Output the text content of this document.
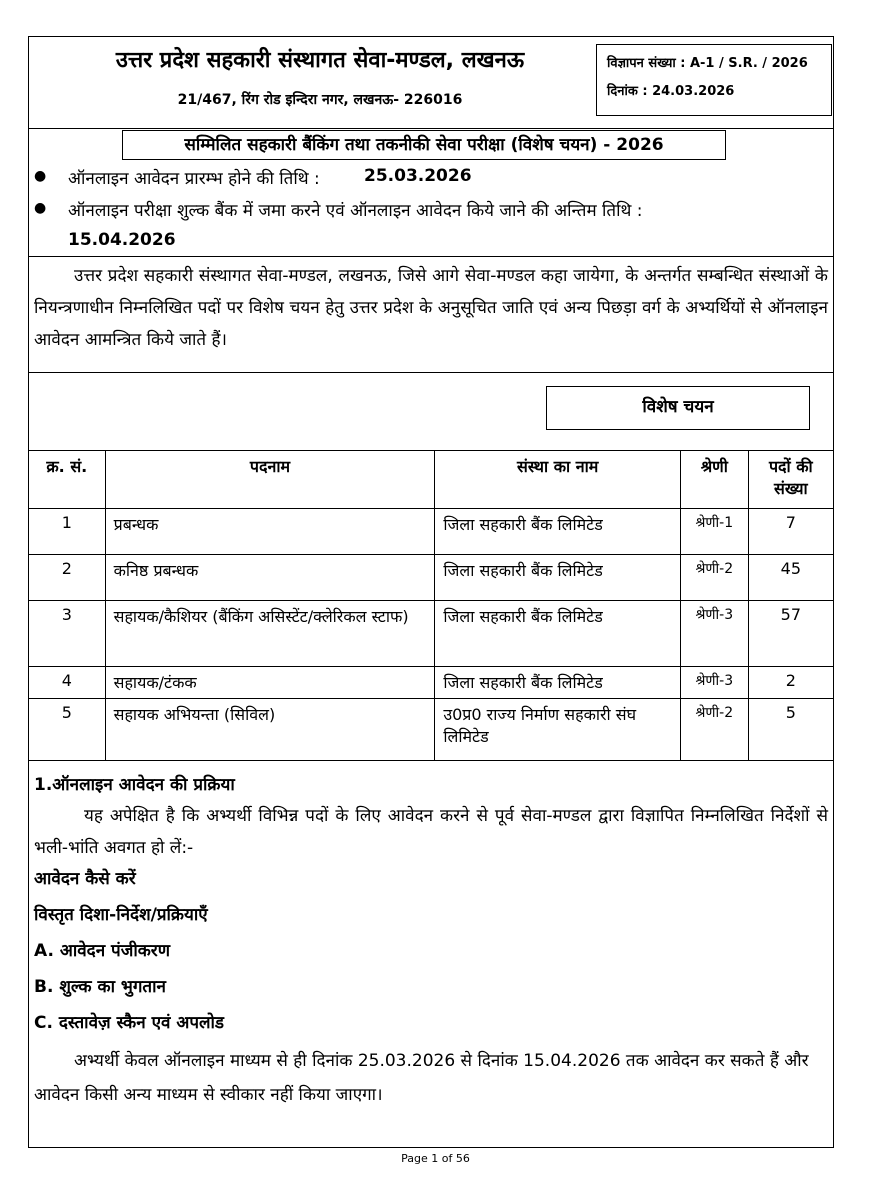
उत्तर प्रदेश सहकारी संस्थागत सेवा-मण्डल, लखनऊ
21/467, रिंग रोड इन्दिरा नगर, लखनऊ- 226016
विज्ञापन संख्या : A-1 / S.R. / 2026
दिनांक : 24.03.2026
सम्मिलित सहकारी बैंकिंग तथा तकनीकी सेवा परीक्षा (विशेष चयन) - 2026
● ऑनलाइन आवेदन प्रारम्भ होने की तिथि :	25.03.2026
● ऑनलाइन परीक्षा शुल्क बैंक में जमा करने एवं ऑनलाइन आवेदन किये जाने की अन्तिम तिथि :
15.04.2026
उत्तर प्रदेश सहकारी संस्थागत सेवा-मण्डल, लखनऊ, जिसे आगे सेवा-मण्डल कहा जायेगा, के अन्तर्गत सम्बन्धित संस्थाओं के नियन्त्रणाधीन निम्नलिखित पदों पर विशेष चयन हेतु उत्तर प्रदेश के अनुसूचित जाति एवं अन्य पिछड़ा वर्ग के अभ्यर्थियों से ऑनलाइन आवेदन आमन्त्रित किये जाते हैं।
विशेष चयन
क्र. सं.	पदनाम	संस्था का नाम	श्रेणी	पदों की संख्या
1	प्रबन्धक	जिला सहकारी बैंक लिमिटेड	श्रेणी-1	7
2	कनिष्ठ प्रबन्धक	जिला सहकारी बैंक लिमिटेड	श्रेणी-2	45
3	सहायक/कैशियर (बैंकिंग असिस्टेंट/क्लेरिकल स्टाफ)	जिला सहकारी बैंक लिमिटेड	श्रेणी-3	57
4	सहायक/टंकक	जिला सहकारी बैंक लिमिटेड	श्रेणी-3	2
5	सहायक अभियन्ता (सिविल)	उ0प्र0 राज्य निर्माण सहकारी संघ लिमिटेड	श्रेणी-2	5
1.ऑनलाइन आवेदन की प्रक्रिया
यह अपेक्षित है कि अभ्यर्थी विभिन्न पदों के लिए आवेदन करने से पूर्व सेवा-मण्डल द्वारा विज्ञापित निम्नलिखित निर्देशों से भली-भांति अवगत हो लें:-
आवेदन कैसे करें
विस्तृत दिशा-निर्देश/प्रक्रियाएँ
A. आवेदन पंजीकरण
B. शुल्क का भुगतान
C. दस्तावेज़ स्कैन एवं अपलोड
अभ्यर्थी केवल ऑनलाइन माध्यम से ही दिनांक 25.03.2026 से दिनांक 15.04.2026 तक आवेदन कर सकते हैं और आवेदन किसी अन्य माध्यम से स्वीकार नहीं किया जाएगा।
Page 1 of 56
